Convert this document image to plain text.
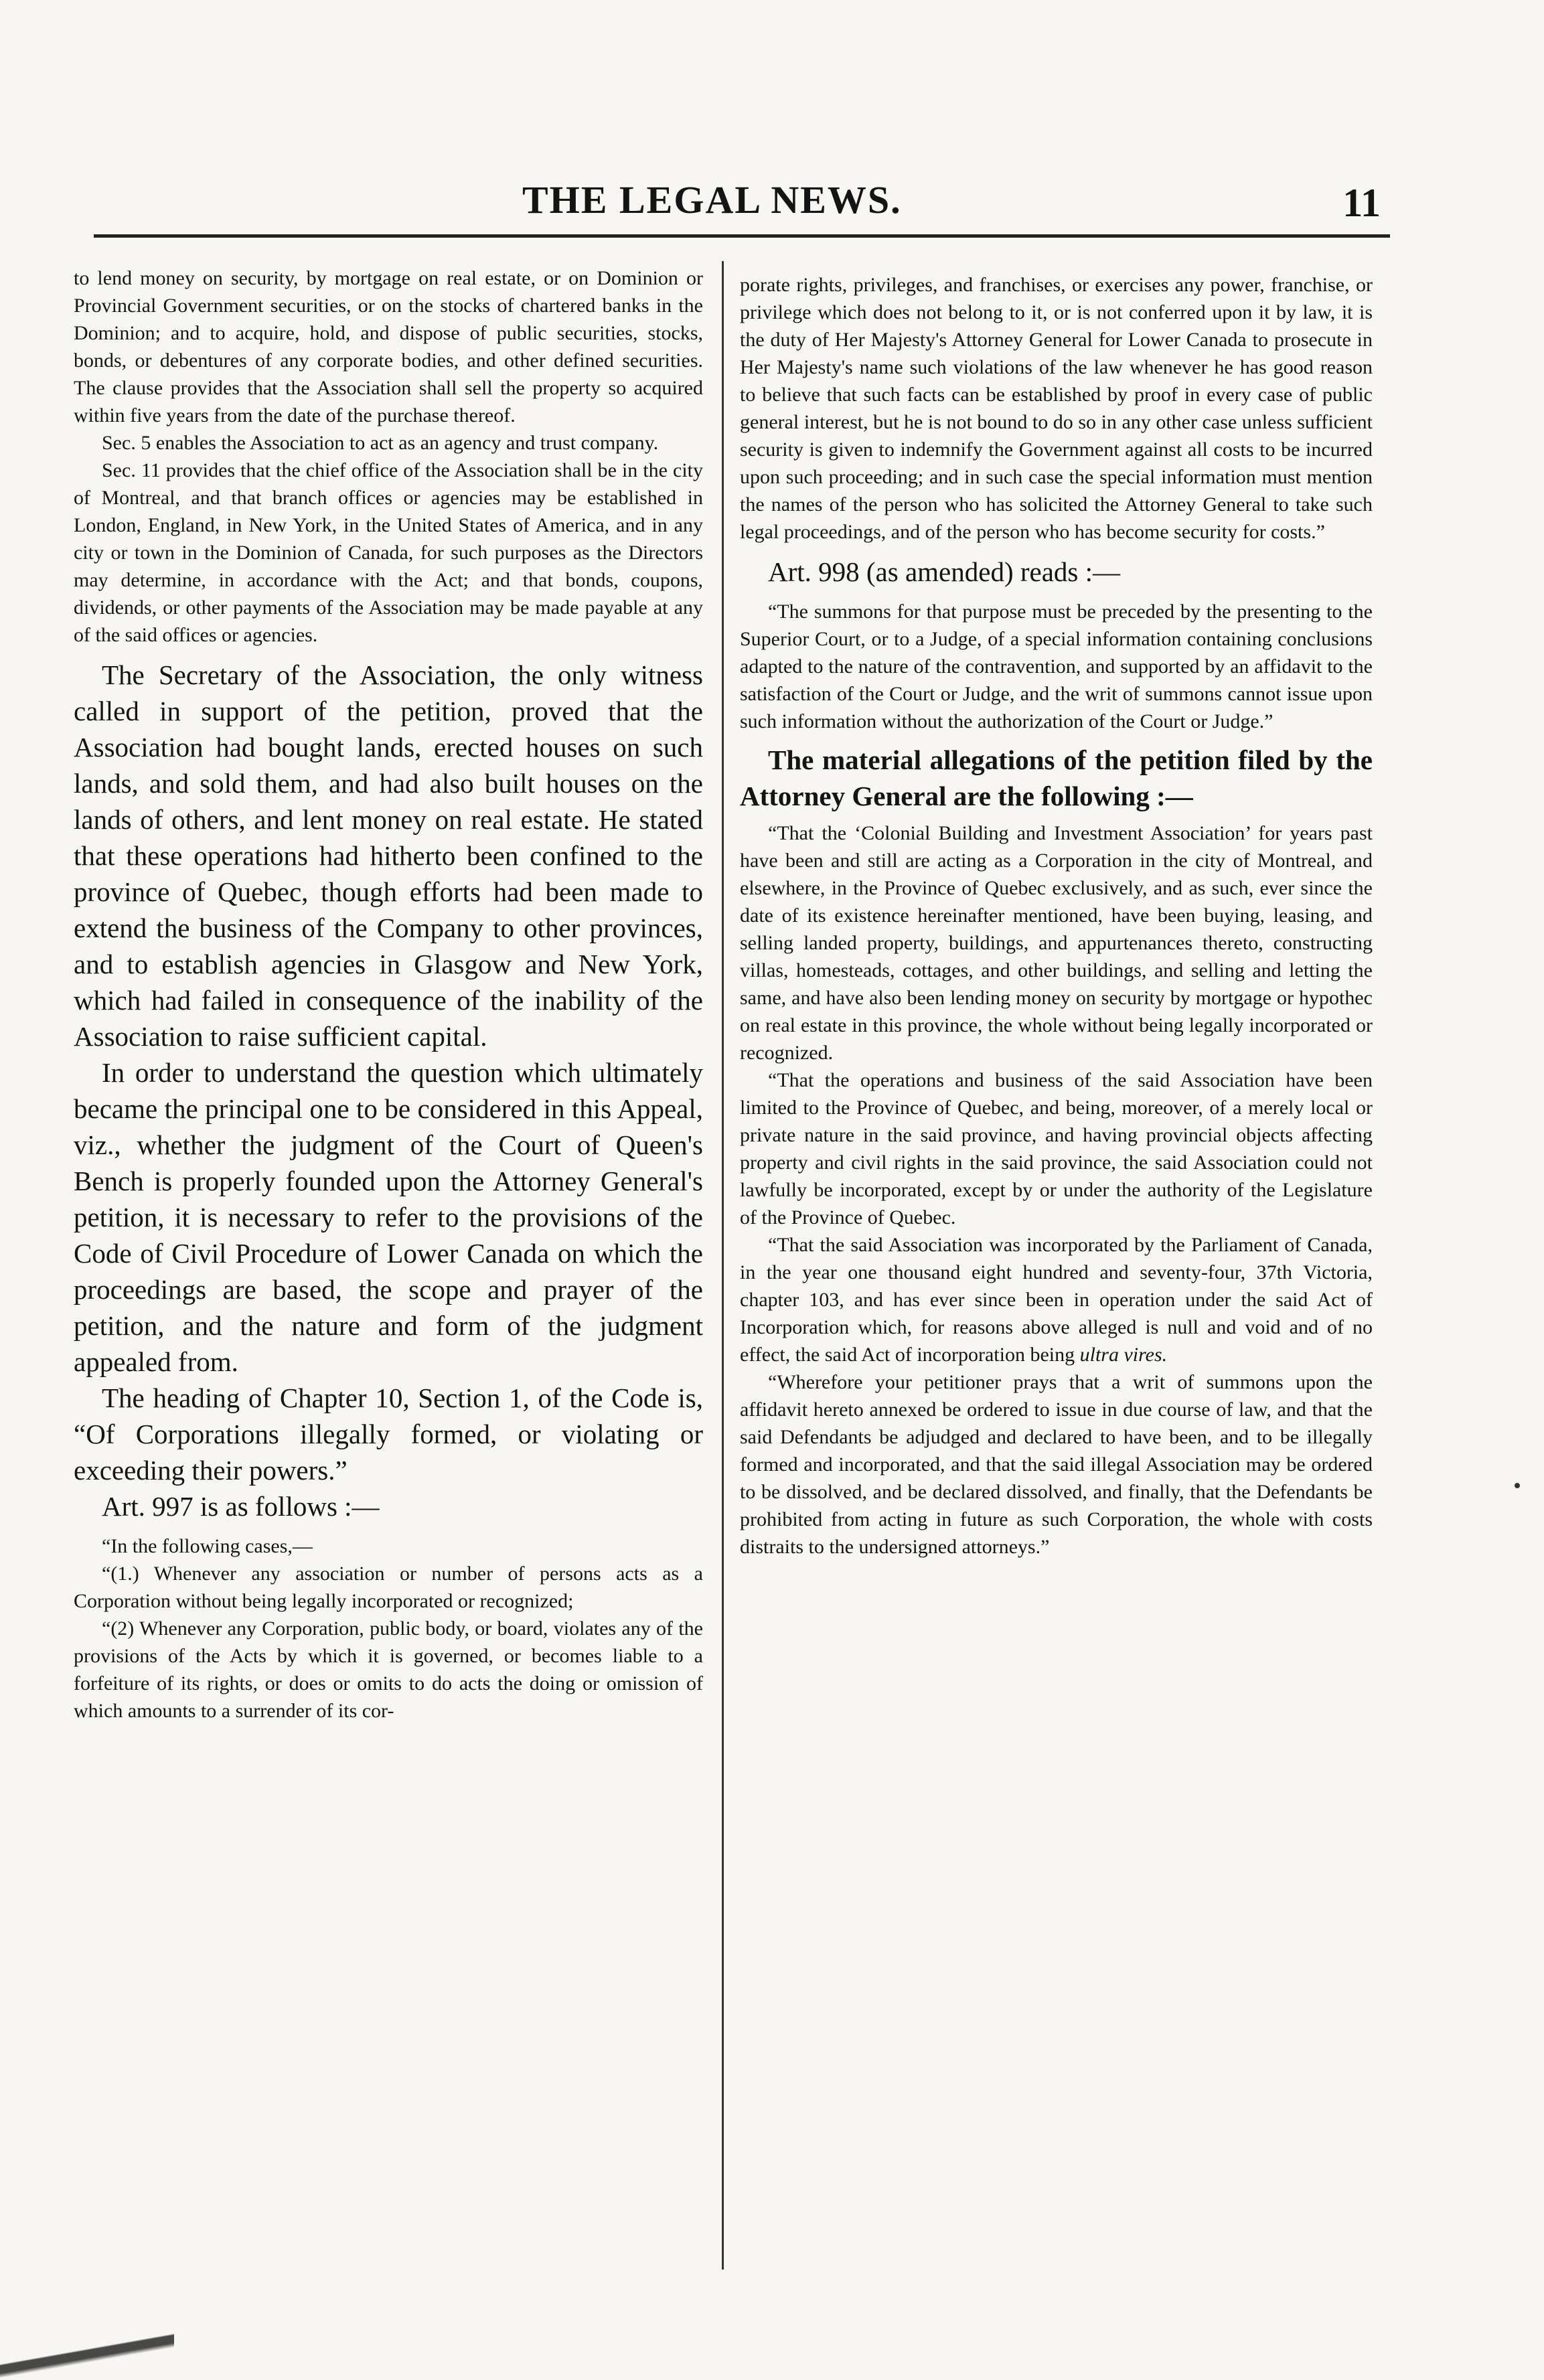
THE LEGAL NEWS.	11

to lend money on security, by mortgage on real estate, or on Dominion or Provincial Government securities, or on the stocks of chartered banks in the Dominion; and to acquire, hold, and dispose of public securities, stocks, bonds, or debentures of any corporate bodies, and other defined securities. The clause provides that the Association shall sell the property so acquired within five years from the date of the purchase thereof.

Sec. 5 enables the Association to act as an agency and trust company.

Sec. 11 provides that the chief office of the Association shall be in the city of Montreal, and that branch offices or agencies may be established in London, England, in New York, in the United States of America, and in any city or town in the Dominion of Canada, for such purposes as the Directors may determine, in accordance with the Act; and that bonds, coupons, dividends, or other payments of the Association may be made payable at any of the said offices or agencies.

The Secretary of the Association, the only witness called in support of the petition, proved that the Association had bought lands, erected houses on such lands, and sold them, and had also built houses on the lands of others, and lent money on real estate. He stated that these operations had hitherto been confined to the province of Quebec, though efforts had been made to extend the business of the Company to other provinces, and to establish agencies in Glasgow and New York, which had failed in consequence of the inability of the Association to raise sufficient capital.

In order to understand the question which ultimately became the principal one to be considered in this Appeal, viz., whether the judgment of the Court of Queen's Bench is properly founded upon the Attorney General's petition, it is necessary to refer to the provisions of the Code of Civil Procedure of Lower Canada on which the proceedings are based, the scope and prayer of the petition, and the nature and form of the judgment appealed from.

The heading of Chapter 10, Section 1, of the Code is, “Of Corporations illegally formed, or violating or exceeding their powers.”

Art. 997 is as follows :—

“In the following cases,—

“(1.) Whenever any association or number of persons acts as a Corporation without being legally incorporated or recognized;

“(2) Whenever any Corporation, public body, or board, violates any of the provisions of the Acts by which it is governed, or becomes liable to a forfeiture of its rights, or does or omits to do acts the doing or omission of which amounts to a surrender of its cor-

porate rights, privileges, and franchises, or exercises any power, franchise, or privilege which does not belong to it, or is not conferred upon it by law, it is the duty of Her Majesty's Attorney General for Lower Canada to prosecute in Her Majesty's name such violations of the law whenever he has good reason to believe that such facts can be established by proof in every case of public general interest, but he is not bound to do so in any other case unless sufficient security is given to indemnify the Government against all costs to be incurred upon such proceeding; and in such case the special information must mention the names of the person who has solicited the Attorney General to take such legal proceedings, and of the person who has become security for costs.”

Art. 998 (as amended) reads :—

“The summons for that purpose must be preceded by the presenting to the Superior Court, or to a Judge, of a special information containing conclusions adapted to the nature of the contravention, and supported by an affidavit to the satisfaction of the Court or Judge, and the writ of summons cannot issue upon such information without the authorization of the Court or Judge.”

The material allegations of the petition filed by the Attorney General are the following :—

“That the ‘Colonial Building and Investment Association’ for years past have been and still are acting as a Corporation in the city of Montreal, and elsewhere, in the Province of Quebec exclusively, and as such, ever since the date of its existence hereinafter mentioned, have been buying, leasing, and selling landed property, buildings, and appurtenances thereto, constructing villas, homesteads, cottages, and other buildings, and selling and letting the same, and have also been lending money on security by mortgage or hypothec on real estate in this province, the whole without being legally incorporated or recognized.

“That the operations and business of the said Association have been limited to the Province of Quebec, and being, moreover, of a merely local or private nature in the said province, and having provincial objects affecting property and civil rights in the said province, the said Association could not lawfully be incorporated, except by or under the authority of the Legislature of the Province of Quebec.

“That the said Association was incorporated by the Parliament of Canada, in the year one thousand eight hundred and seventy-four, 37th Victoria, chapter 103, and has ever since been in operation under the said Act of Incorporation which, for reasons above alleged is null and void and of no effect, the said Act of incorporation being ultra vires.

“Wherefore your petitioner prays that a writ of summons upon the affidavit hereto annexed be ordered to issue in due course of law, and that the said Defendants be adjudged and declared to have been, and to be illegally formed and incorporated, and that the said illegal Association may be ordered to be dissolved, and be declared dissolved, and finally, that the Defendants be prohibited from acting in future as such Corporation, the whole with costs distraits to the undersigned attorneys.”
